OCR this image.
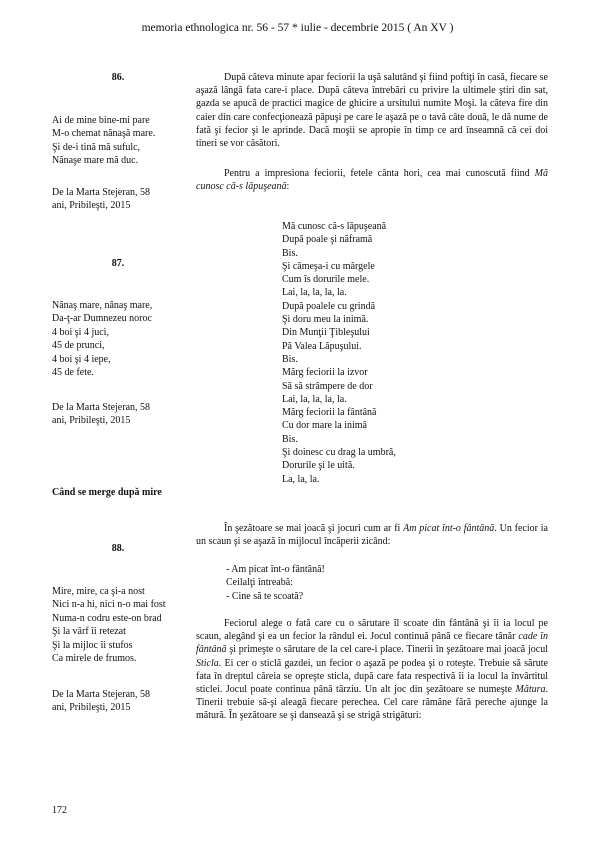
memoria ethnologica nr. 56 - 57 * iulie - decembrie 2015 ( An XV )
86.
Ai de mine bine-mi pare
M-o chemat nănaşă mare.
Şi de-i tină mă sufulc,
Nănaşe mare mă duc.
De la Marta Stejeran, 58
ani, Pribileşti, 2015
87.
Nănaş mare, nănaş mare,
Da-ţ-ar Dumnezeu noroc
4 boi şi 4 juci,
45 de prunci,
4 boi şi 4 iepe,
45 de fete.
De la Marta Stejeran, 58
ani, Pribileşti, 2015
Când se merge după mire
88.
Mire, mire, ca şi-a nost
Nici n-a hi, nici n-o mai fost
Numa-n codru este-on brad
Şi la vârf îi retezat
Şi la mijloc îi stufos
Ca mirele de frumos.
De la Marta Stejeran, 58
ani, Pribileşti, 2015
După câteva minute apar feciorii la uşă salutând şi fiind poftiţi în casă, fiecare se aşază lângă fata care-i place. După câteva întrebări cu privire la ultimele ştiri din sat, gazda se apucă de practici magice de ghicire a ursitului numite Moşi. la câteva fire din caier din care confecţionează păpuşi pe care le aşază pe o tavă câte două, le dă nume de fată şi fecior şi le aprinde. Dacă moşii se apropie în timp ce ard înseamnă că cei doi tineri se vor căsători.
Pentru a impresiona feciorii, fetele cânta hori, cea mai cunoscută fiind Mă cunosc că-s lăpuşeană:
Mă cunosc că-s lăpuşeană
După poale şi năframă
Bis.
Şi cămeşa-i cu mărgele
Cum îs dorurile mele.
Lai, la, la, la, la.
După poalele cu grindă
Şi doru meu la inimă.
Din Munţii Ţibleşului
Pă Valea Lăpuşului.
Bis.
Mărg feciorii la izvor
Să să strâmpere de dor
Lai, la, la, la, la.
Mărg feciorii la fântână
Cu dor mare la inimă
Bis.
Şi doinesc cu drag la umbră,
Dorurile şi le uită.
La, la, la.
În şezătoare se mai joacă şi jocuri cum ar fi Am picat înt-o fântână. Un fecior ia un scaun şi se aşază în mijlocul încăperii zicând:
- Am picat înt-o fântână!
Ceilalţi întreabă:
- Cine să te scoată?
Feciorul alege o fată care cu o sărutare îl scoate din fântână şi îi ia locul pe scaun, alegând şi ea un fecior la rândul ei. Jocul continuă până ce fiecare tânăr cade în fântână şi primeşte o sărutare de la cel care-i place. Tinerii în şezătoare mai joacă jocul Sticla. Ei cer o sticlă gazdei, un fecior o aşază pe podea şi o roteşte. Trebuie să sărute fata în dreptul căreia se opreşte sticla, după care fata respectivă îi ia locul la învârtitul sticlei. Jocul poate continua până târziu. Un alt joc din şezătoare se numeşte Mătura. Tinerii trebuie să-şi aleagă fiecare perechea. Cel care rămâne fără pereche ajunge la mătură. În şezătoare se şi dansează şi se strigă strigături:
172
